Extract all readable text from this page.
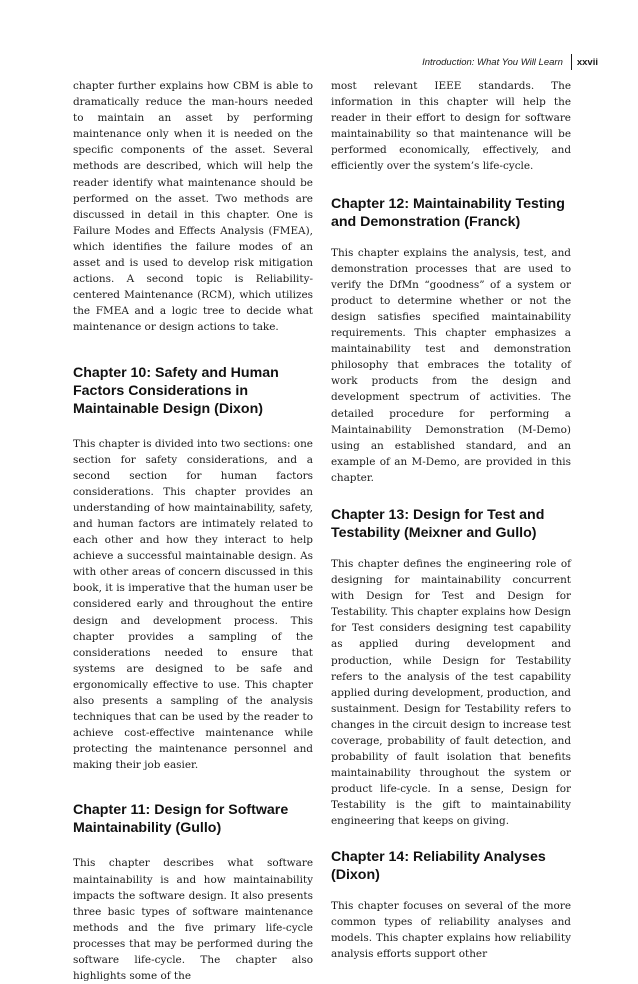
Introduction: What You Will Learn xxvii

chapter further explains how CBM is able to dramatically reduce the man-hours needed to maintain an asset by performing maintenance only when it is needed on the specific components of the asset. Several methods are described, which will help the reader identify what maintenance should be performed on the asset. Two methods are discussed in detail in this chapter. One is Failure Modes and Effects Analysis (FMEA), which identifies the failure modes of an asset and is used to develop risk mitigation actions. A second topic is Reliability-centered Maintenance (RCM), which utilizes the FMEA and a logic tree to decide what maintenance or design actions to take.

Chapter 10: Safety and Human Factors Considerations in Maintainable Design (Dixon)

This chapter is divided into two sections: one section for safety considerations, and a second section for human factors considerations. This chapter provides an understanding of how maintainability, safety, and human factors are intimately related to each other and how they interact to help achieve a successful maintainable design. As with other areas of concern discussed in this book, it is imperative that the human user be considered early and throughout the entire design and development process. This chapter provides a sampling of the considerations needed to ensure that systems are designed to be safe and ergonomically effective to use. This chapter also presents a sampling of the analysis techniques that can be used by the reader to achieve cost-effective maintenance while protecting the maintenance personnel and making their job easier.

Chapter 11: Design for Software Maintainability (Gullo)

This chapter describes what software maintainability is and how maintainability impacts the software design. It also presents three basic types of software maintenance methods and the five primary life-cycle processes that may be performed during the software life-cycle. The chapter also highlights some of the

most relevant IEEE standards. The information in this chapter will help the reader in their effort to design for software maintainability so that maintenance will be performed economically, effectively, and efficiently over the system’s life-cycle.

Chapter 12: Maintainability Testing and Demonstration (Franck)

This chapter explains the analysis, test, and demonstration processes that are used to verify the DfMn “goodness” of a system or product to determine whether or not the design satisfies specified maintainability requirements. This chapter emphasizes a maintainability test and demonstration philosophy that embraces the totality of work products from the design and development spectrum of activities. The detailed procedure for performing a Maintainability Demonstration (M-Demo) using an established standard, and an example of an M-Demo, are provided in this chapter.

Chapter 13: Design for Test and Testability (Meixner and Gullo)

This chapter defines the engineering role of designing for maintainability concurrent with Design for Test and Design for Testability. This chapter explains how Design for Test considers designing test capability as applied during development and production, while Design for Testability refers to the analysis of the test capability applied during development, production, and sustainment. Design for Testability refers to changes in the circuit design to increase test coverage, probability of fault detection, and probability of fault isolation that benefits maintainability throughout the system or product life-cycle. In a sense, Design for Testability is the gift to maintainability engineering that keeps on giving.

Chapter 14: Reliability Analyses (Dixon)

This chapter focuses on several of the more common types of reliability analyses and models. This chapter explains how reliability analysis efforts support other
